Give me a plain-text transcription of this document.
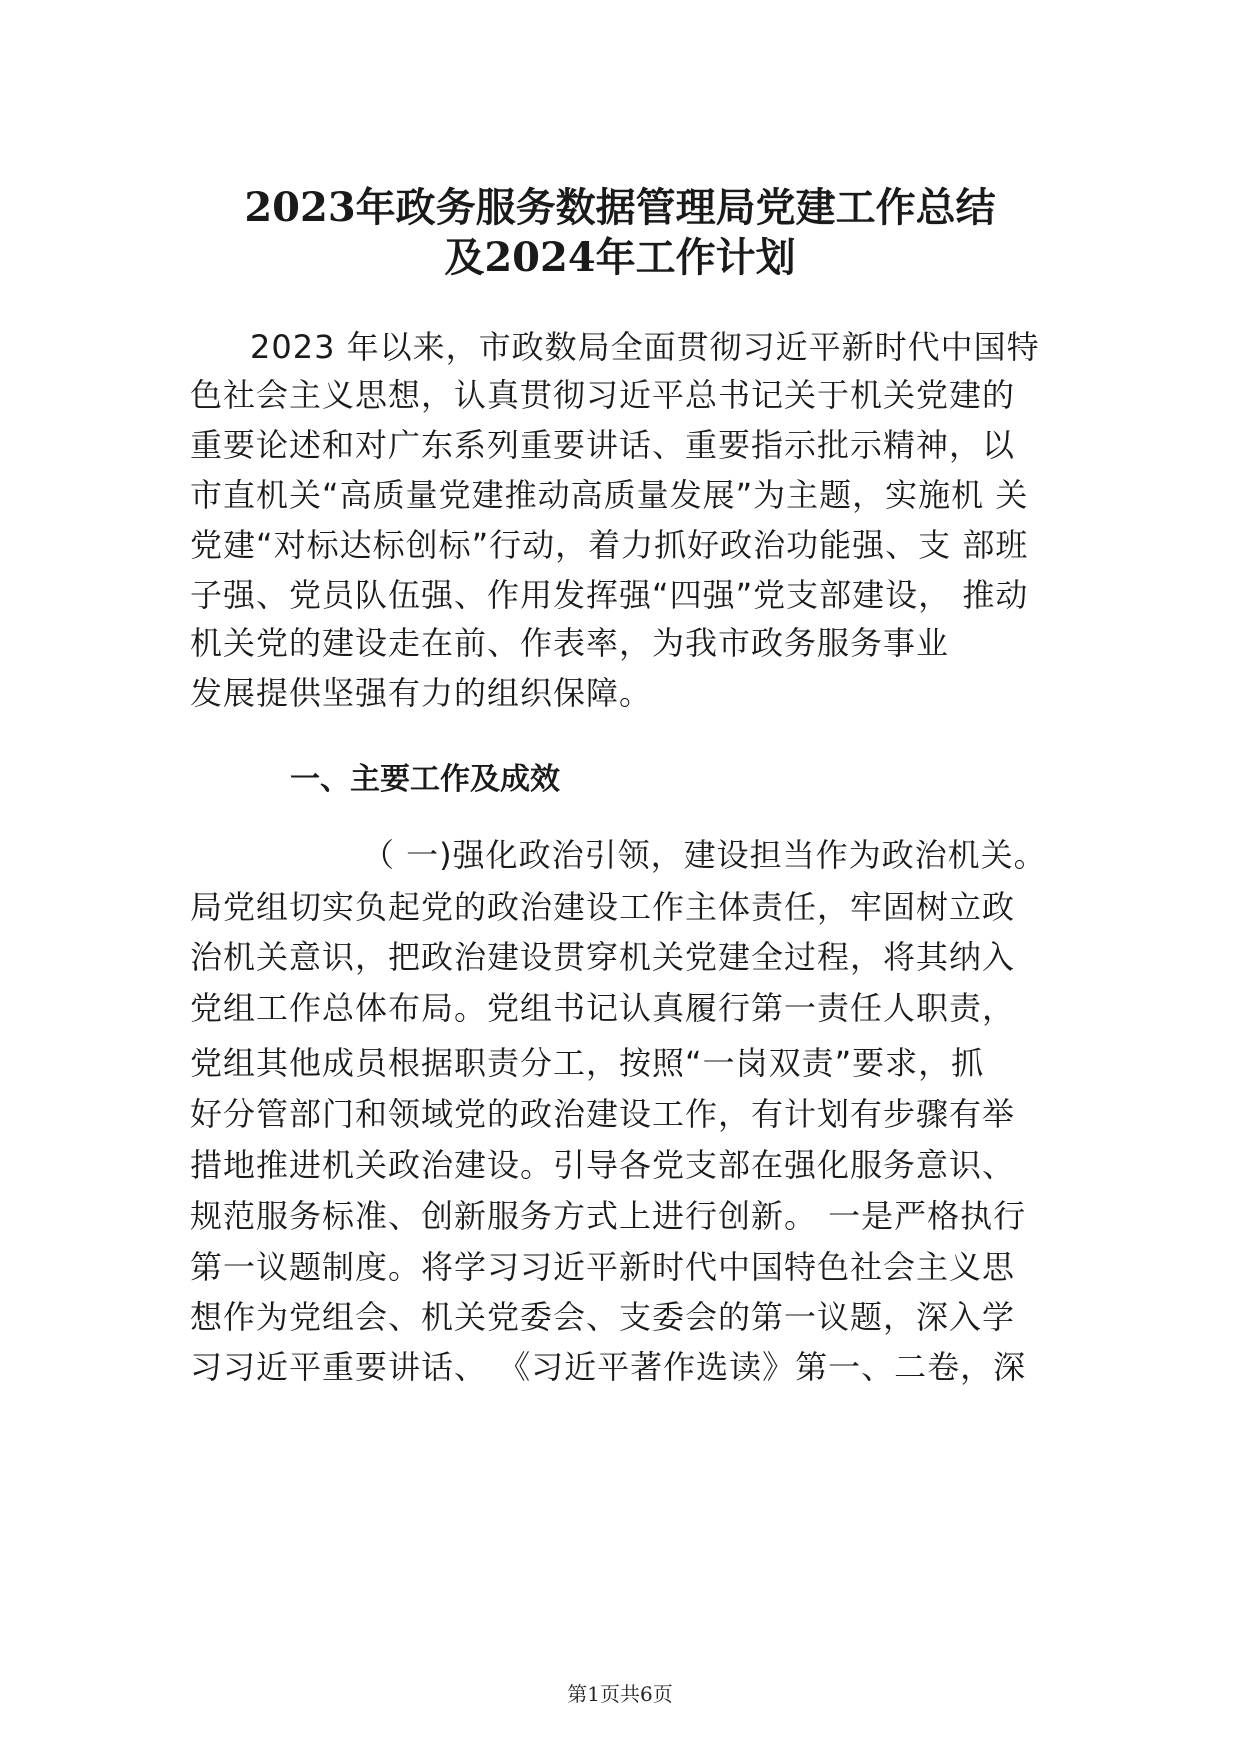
2023年政务服务数据管理局党建工作总结
及2024年工作计划

2023 年以来，市政数局全面贯彻习近平新时代中国特

色社会主义思想，认真贯彻习近平总书记关于机关党建的

重要论述和对广东系列重要讲话、重要指示批示精神，以

市直机关“高质量党建推动高质量发展”为主题，实施机 关

党建“对标达标创标”行动，着力抓好政治功能强、支 部班

子强、党员队伍强、作用发挥强“四强”党支部建设， 推动

机关党的建设走在前、作表率，为我市政务服务事业

发展提供坚强有力的组织保障。

一、主要工作及成效

（ 一)强化政治引领，建设担当作为政治机关。

局党组切实负起党的政治建设工作主体责任，牢固树立政

治机关意识，把政治建设贯穿机关党建全过程，将其纳入

党组工作总体布局。党组书记认真履行第一责任人职责，

党组其他成员根据职责分工，按照“一岗双责”要求，抓

好分管部门和领域党的政治建设工作，有计划有步骤有举

措地推进机关政治建设。引导各党支部在强化服务意识、

规范服务标准、创新服务方式上进行创新。 一是严格执行

第一议题制度。将学习习近平新时代中国特色社会主义思

想作为党组会、机关党委会、支委会的第一议题，深入学

习习近平重要讲话、 《习近平著作选读》第一、二卷，深

第1页共6页
